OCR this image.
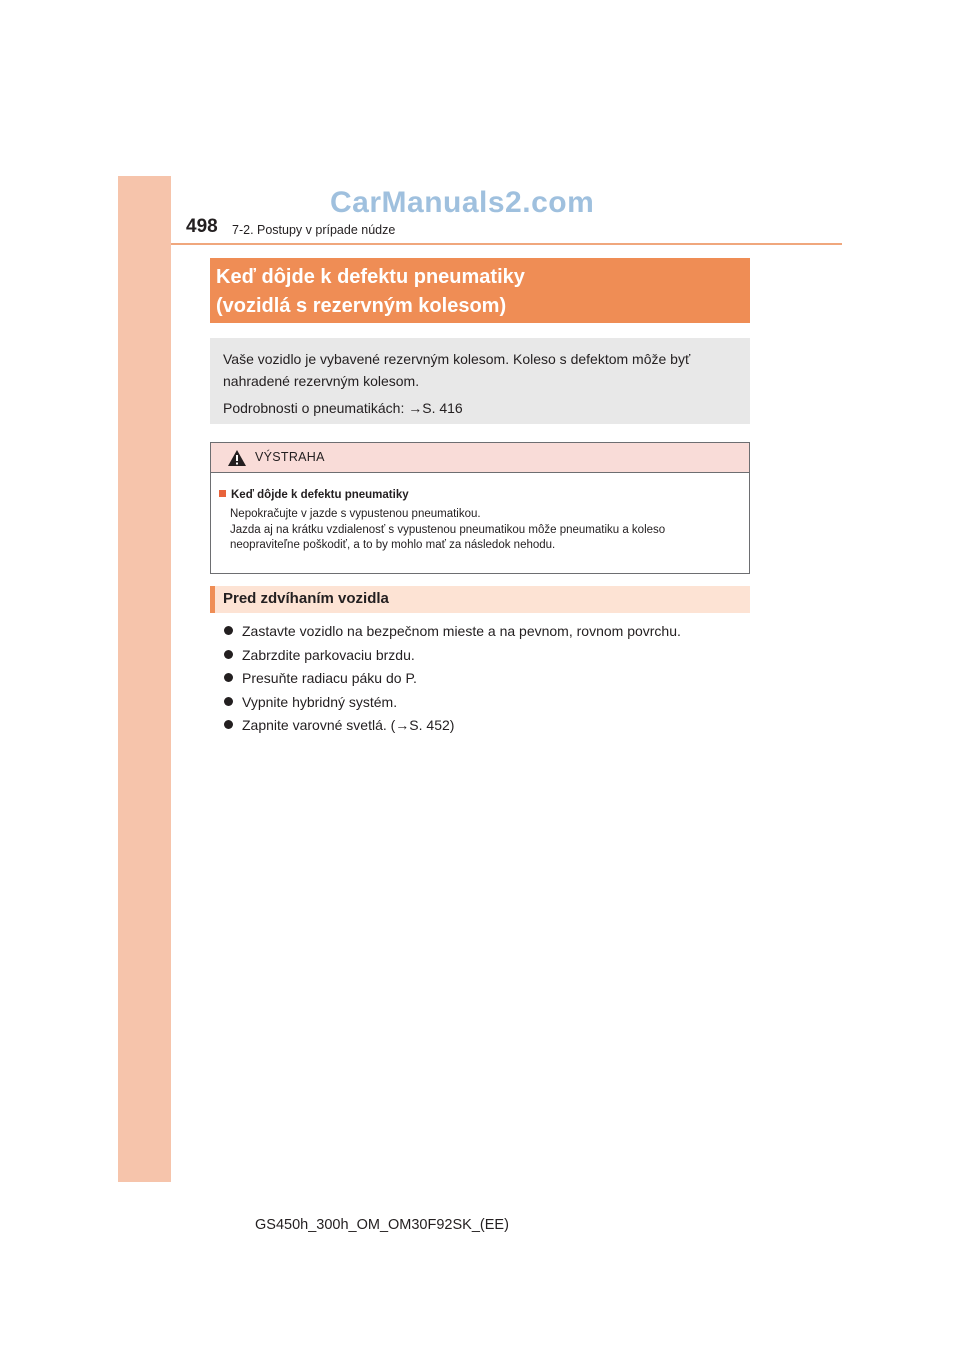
498 7-2. Postupy v prípade núdze
CarManuals2.com
Keď dôjde k defektu pneumatiky
(vozidlá s rezervným kolesom)

Vaše vozidlo je vybavené rezervným kolesom. Koleso s defektom môže byť

nahradené rezervným kolesom.

Podrobnosti o pneumatikách: →S. 416

VÝSTRAHA
Keď dôjde k defektu pneumatiky
Nepokračujte v jazde s vypustenou pneumatikou.
Jazda aj na krátku vzdialenosť s vypustenou pneumatikou môže pneumatiku a koleso
neopraviteľne poškodiť, a to by mohlo mať za následok nehodu.
Pred zdvíhaním vozidla
Zastavte vozidlo na bezpečnom mieste a na pevnom, rovnom povrchu.
Zabrzdite parkovaciu brzdu.
Presuňte radiacu páku do P.
Vypnite hybridný systém.
Zapnite varovné svetlá. (→S. 452)
GS450h_300h_OM_OM30F92SK_(EE)
